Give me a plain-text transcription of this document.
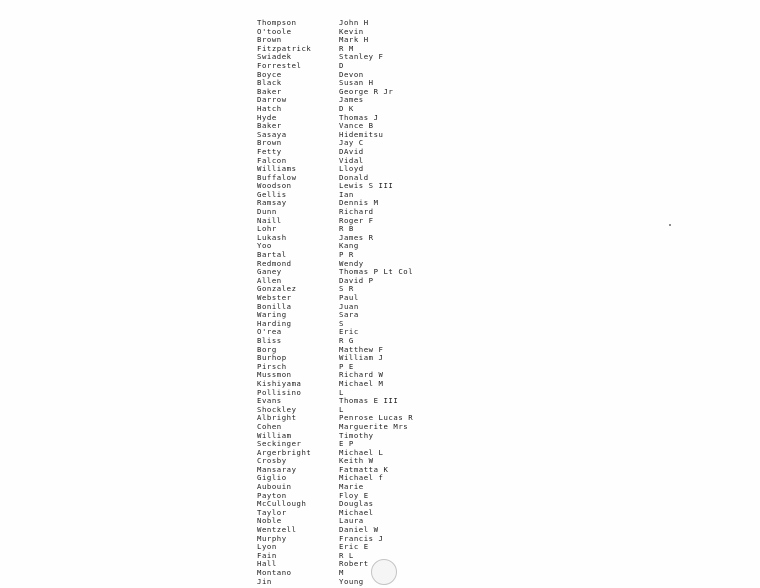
Thompson	John H
O'toole	Kevin
Brown	Mark H
Fitzpatrick	R M
Swiadek	Stanley F
Forrestel	D
Boyce	Devon
Black	Susan H
Baker	George R Jr
Darrow	James
Hatch	D K
Hyde	Thomas J
Baker	Vance B
Sasaya	Hidemitsu
Brown	Jay C
Fetty	DAvid
Falcon	Vidal
Williams	Lloyd
Buffalow	Donald
Woodson	Lewis S III
Gellis	Ian
Ramsay	Dennis M
Dunn	Richard
Naill	Roger F
Lohr	R B
Lukash	James R
Yoo	Kang
Bartal	P R
Redmond	Wendy
Ganey	Thomas P Lt Col
Allen	David P
Gonzalez	S R
Webster	Paul
Bonilla	Juan
Waring	Sara
Harding	S
O'rea	Eric
Bliss	R G
Borg	Matthew F
Burhop	William J
Pirsch	P E
Mussmon	Richard W
Kishiyama	Michael M
Pollisino	L
Evans	Thomas E III
Shockley	L
Albright	Penrose Lucas R
Cohen	Marguerite Mrs
William	Timothy
Seckinger	E P
Argerbright	Michael L
Crosby	Keith W
Mansaray	Fatmatta K
Giglio	Michael f
Aubouin	Marie
Payton	Floy E
McCullough	Douglas
Taylor	Michael
Noble	Laura
Wentzell	Daniel W
Murphy	Francis J
Lyon	Eric E
Fain	R L
Hall	Robert
Montano	M
Jin	Young
